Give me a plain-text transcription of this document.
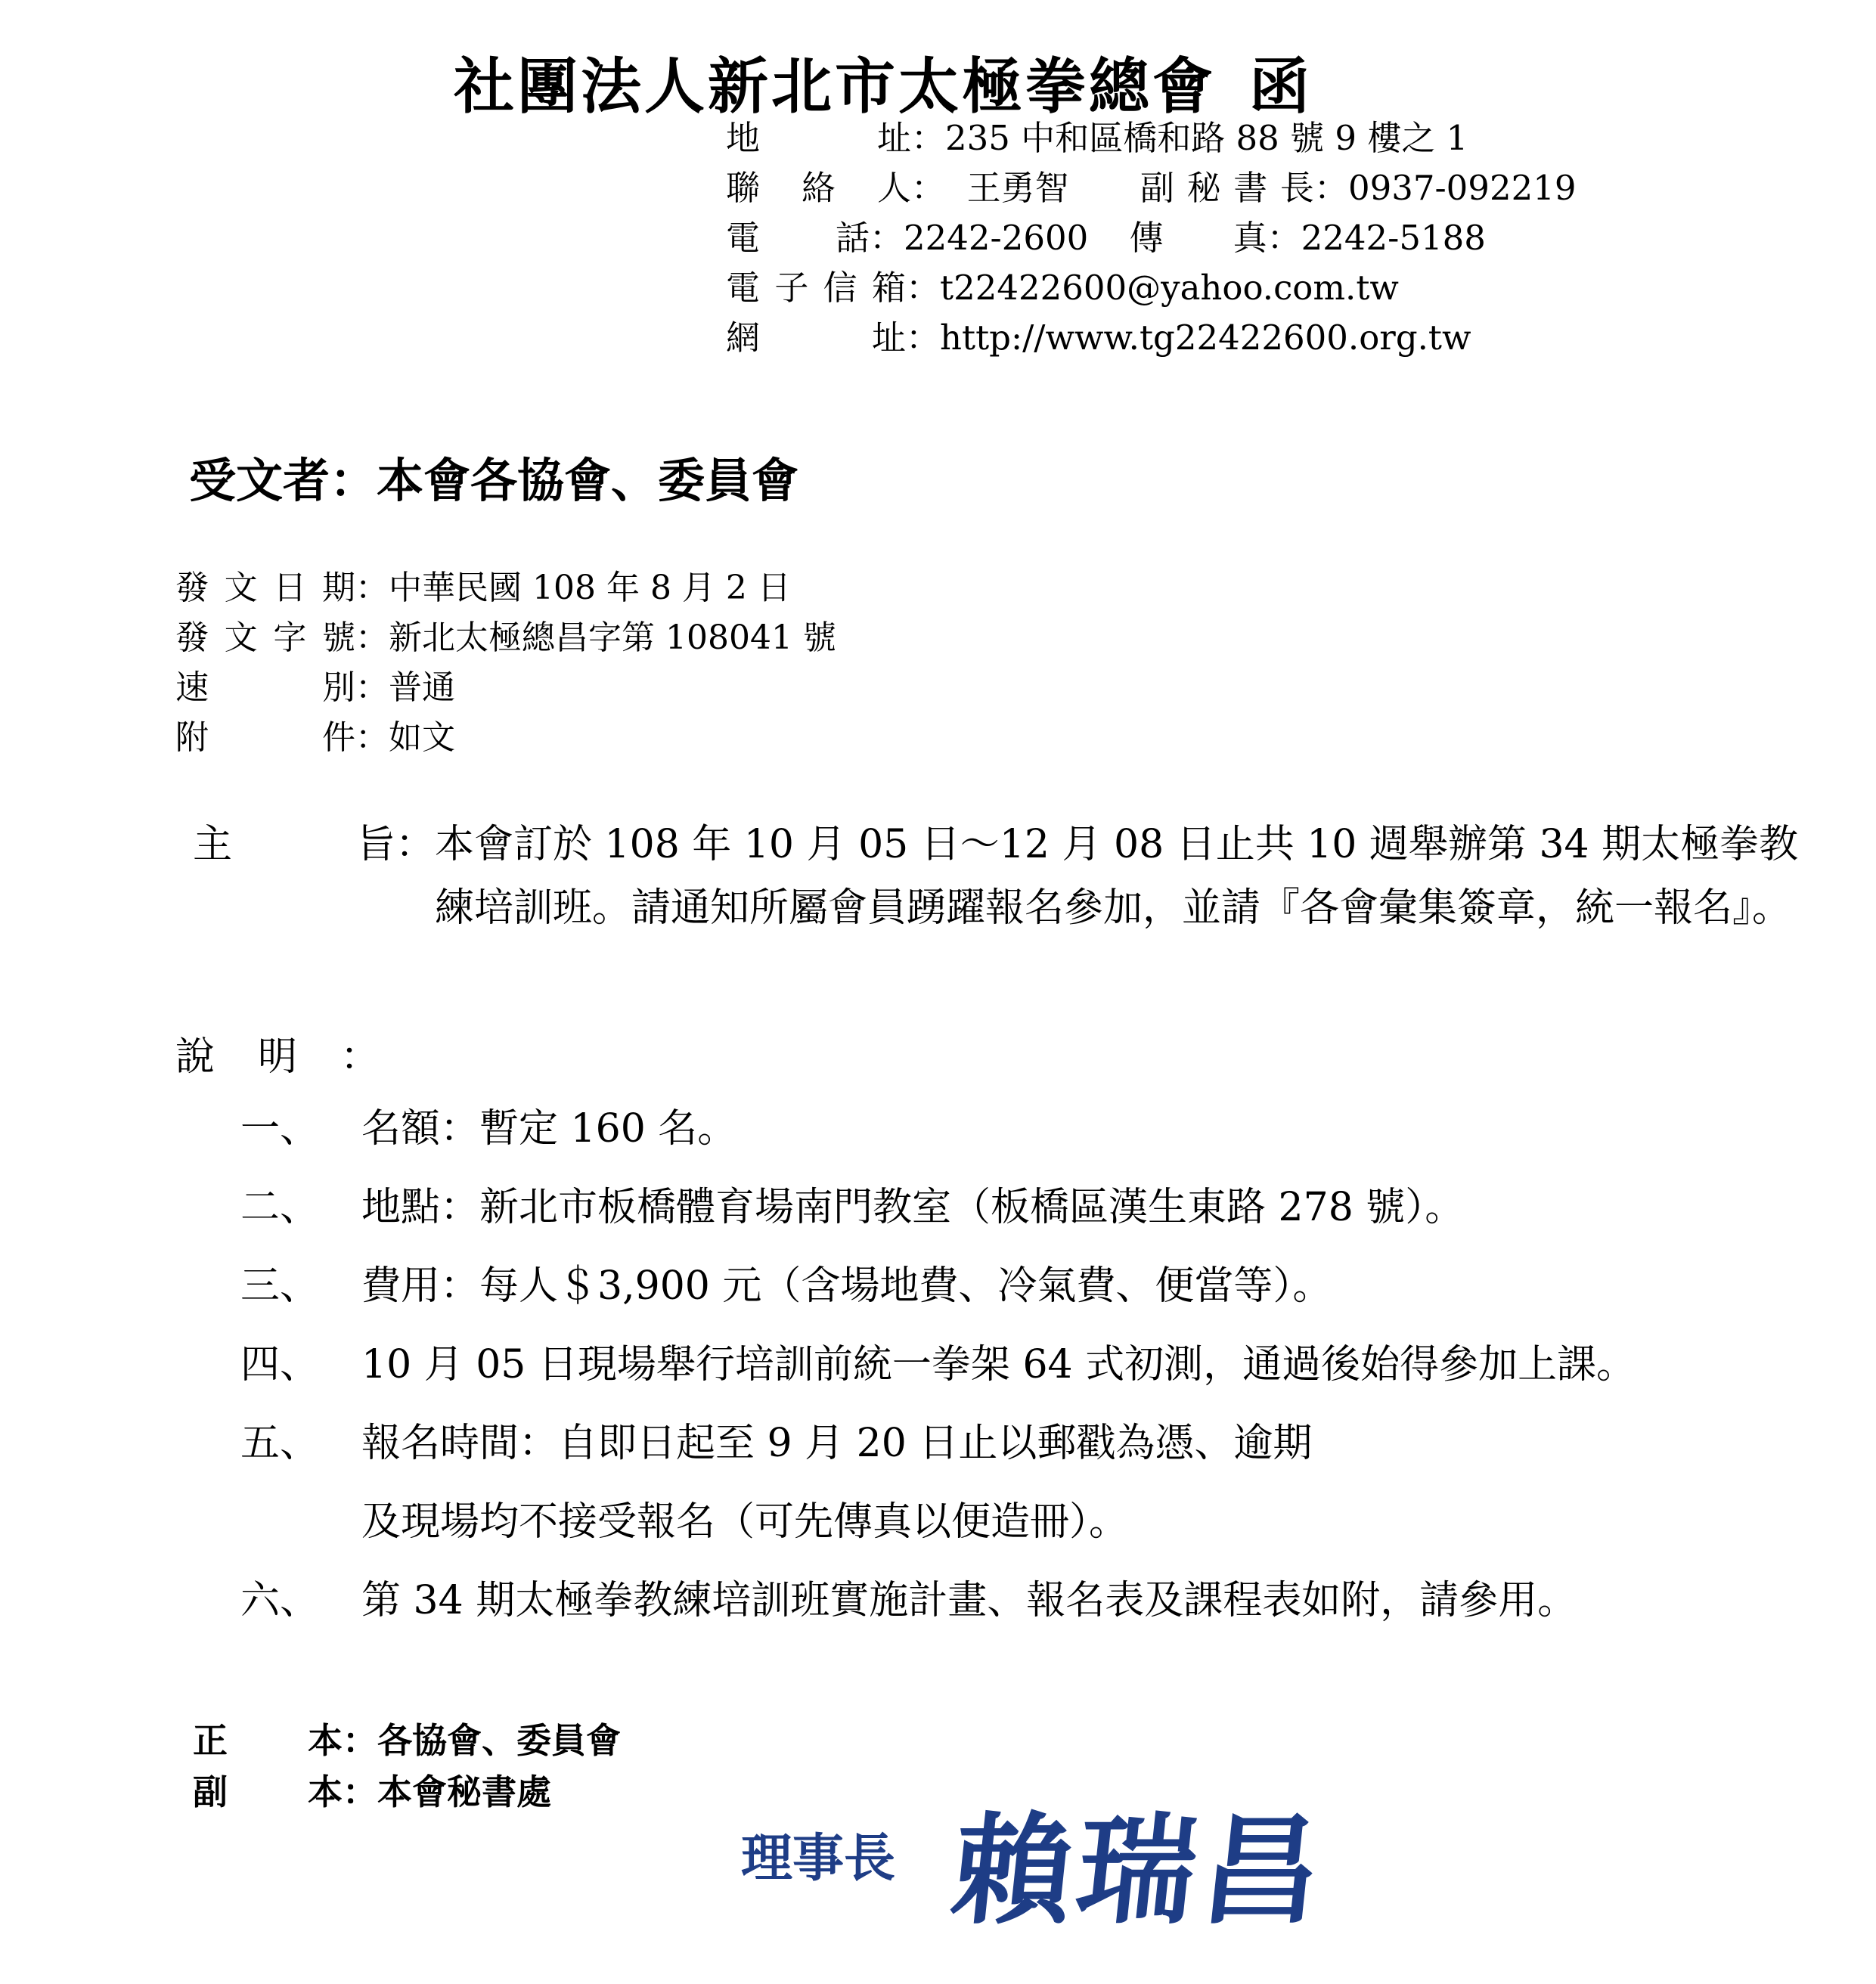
社團法人新北市太極拳總會 函
地址：235 中和區橋和路 88 號 9 樓之 1
聯絡人：  王勇智 副秘書長：0937-092219
電話：2242-2600 傳真：2242-5188
電子信箱：t22422600@yahoo.com.tw
網址：http://www.tg22422600.org.tw
受文者：本會各協會、委員會
發文日期：中華民國 108 年 8 月 2 日
發文字號：新北太極總昌字第 108041 號
速別：普通
附件：如文
主旨 ： 本會訂於 108 年 10 月 05 日～12 月 08 日止共 10 週舉辦第 34 期太極拳教練培訓班。請通知所屬會員踴躍報名參加，並請『各會彙集簽章，統一報名』。
說明：
一、 名額：暫定 160 名。
二、 地點：新北市板橋體育場南門教室（板橋區漢生東路 278 號）。
三、 費用：每人＄3,900 元（含場地費、冷氣費、便當等）。
四、 10 月 05 日現場舉行培訓前統一拳架 64 式初測，通過後始得參加上課。
五、 報名時間：自即日起至 9 月 20 日止以郵戳為憑、逾期
及現場均不接受報名（可先傳真以便造冊）。
六、 第 34 期太極拳教練培訓班實施計畫、報名表及課程表如附，請參用。
正本：各協會、委員會
副本：本會秘書處
理事長 賴瑞昌
